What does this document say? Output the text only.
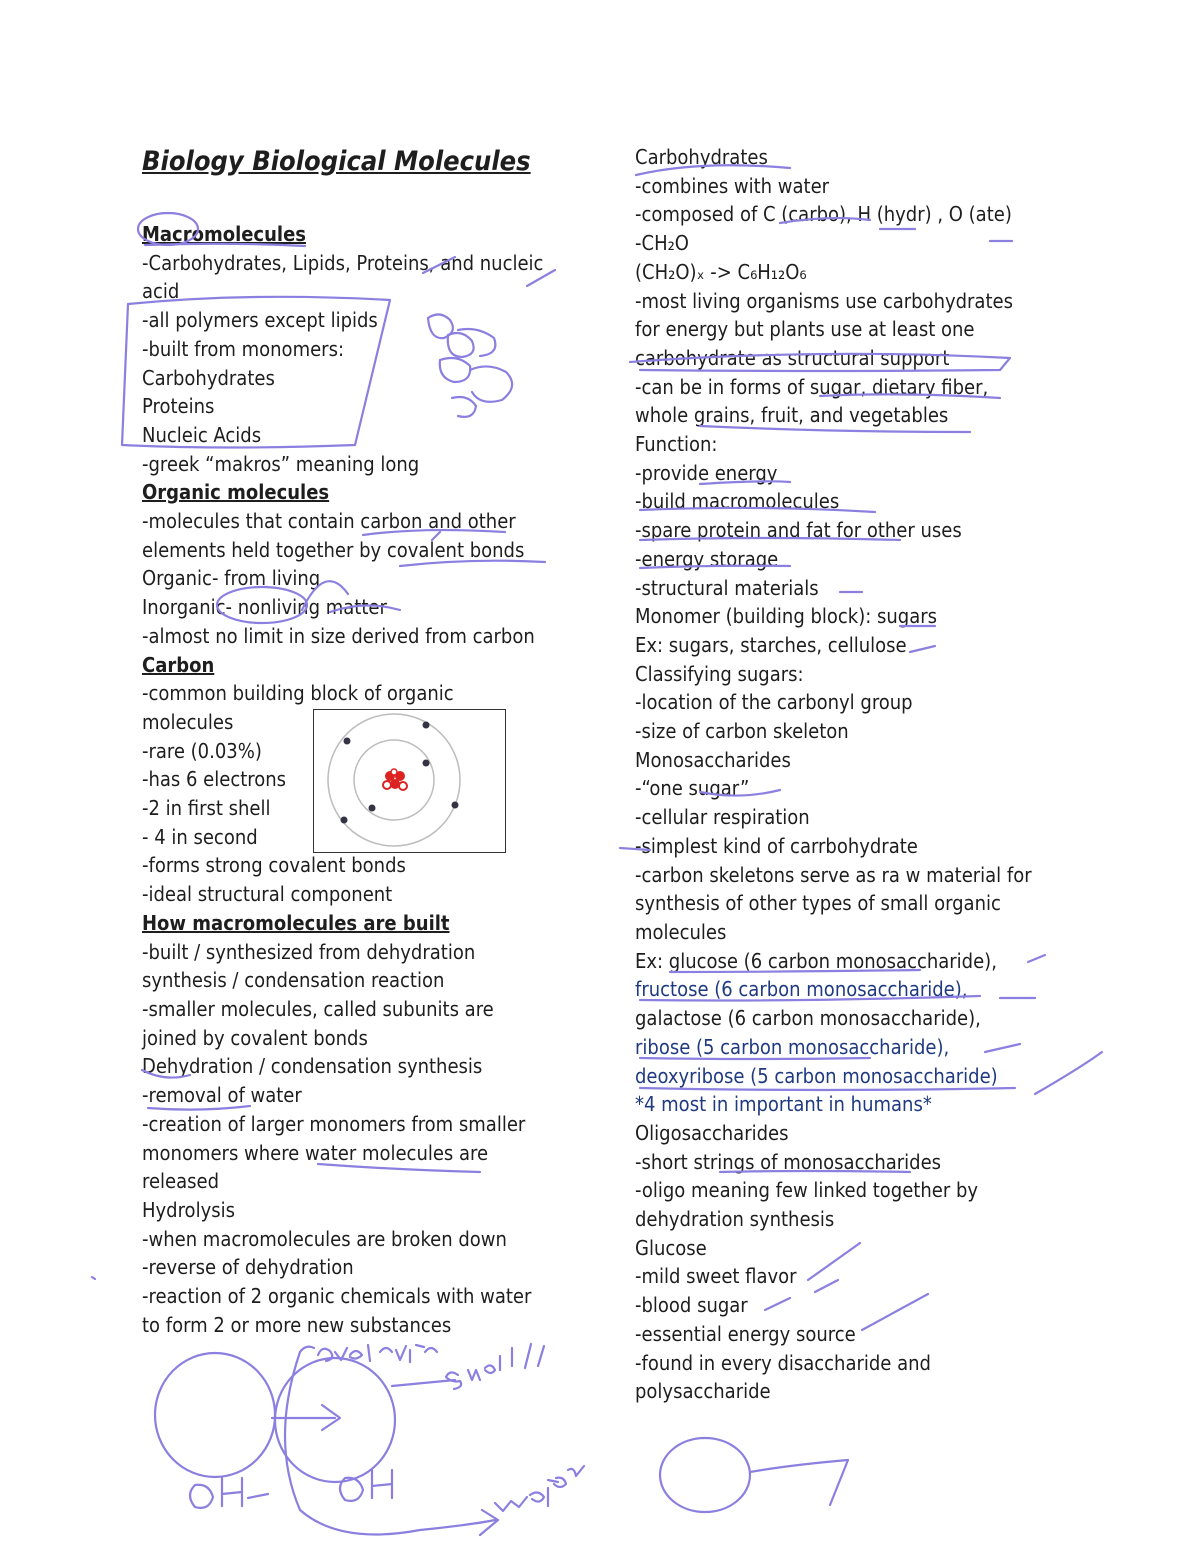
Biology Biological Molecules
Macromolecules
-Carbohydrates, Lipids, Proteins, and nucleic
acid
-all polymers except lipids
-built from monomers:
Carbohydrates
Proteins
Nucleic Acids
-greek “makros” meaning long
Organic molecules
-molecules that contain carbon and other
elements held together by covalent bonds
Organic- from living
Inorganic- nonliving matter
-almost no limit in size derived from carbon
Carbon
-common building block of organic
molecules
-rare (0.03%)
-has 6 electrons
-2 in first shell
- 4 in second
-forms strong covalent bonds
-ideal structural component
How macromolecules are built
-built / synthesized from dehydration
synthesis / condensation reaction
-smaller molecules, called subunits are
joined by covalent bonds
Dehydration / condensation synthesis
-removal of water
-creation of larger monomers from smaller
monomers where water molecules are
released
Hydrolysis
-when macromolecules are broken down
-reverse of dehydration
-reaction of 2 organic chemicals with water
to form 2 or more new substances
Carbohydrates
-combines with water
-composed of C (carbo), H (hydr) , O (ate)
-CH₂O
(CH₂O)ₓ -> C₆H₁₂O₆
-most living organisms use carbohydrates
for energy but plants use at least one
carbohydrate as structural support
-can be in forms of sugar, dietary fiber,
whole grains, fruit, and vegetables
Function:
-provide energy
-build macromolecules
-spare protein and fat for other uses
-energy storage
-structural materials
Monomer (building block): sugars
Ex: sugars, starches, cellulose
Classifying sugars:
-location of the carbonyl group
-size of carbon skeleton
Monosaccharides
-“one sugar”
-cellular respiration
-simplest kind of carrbohydrate
-carbon skeletons serve as ra w material for
synthesis of other types of small organic
molecules
Ex: glucose (6 carbon monosaccharide),
fructose (6 carbon monosaccharide),
galactose (6 carbon monosaccharide),
ribose (5 carbon monosaccharide),
deoxyribose (5 carbon monosaccharide)
*4 most in important in humans*
Oligosaccharides
-short strings of monosaccharides
-oligo meaning few linked together by
dehydration synthesis
Glucose
-mild sweet flavor
-blood sugar
-essential energy source
-found in every disaccharide and
polysaccharide
